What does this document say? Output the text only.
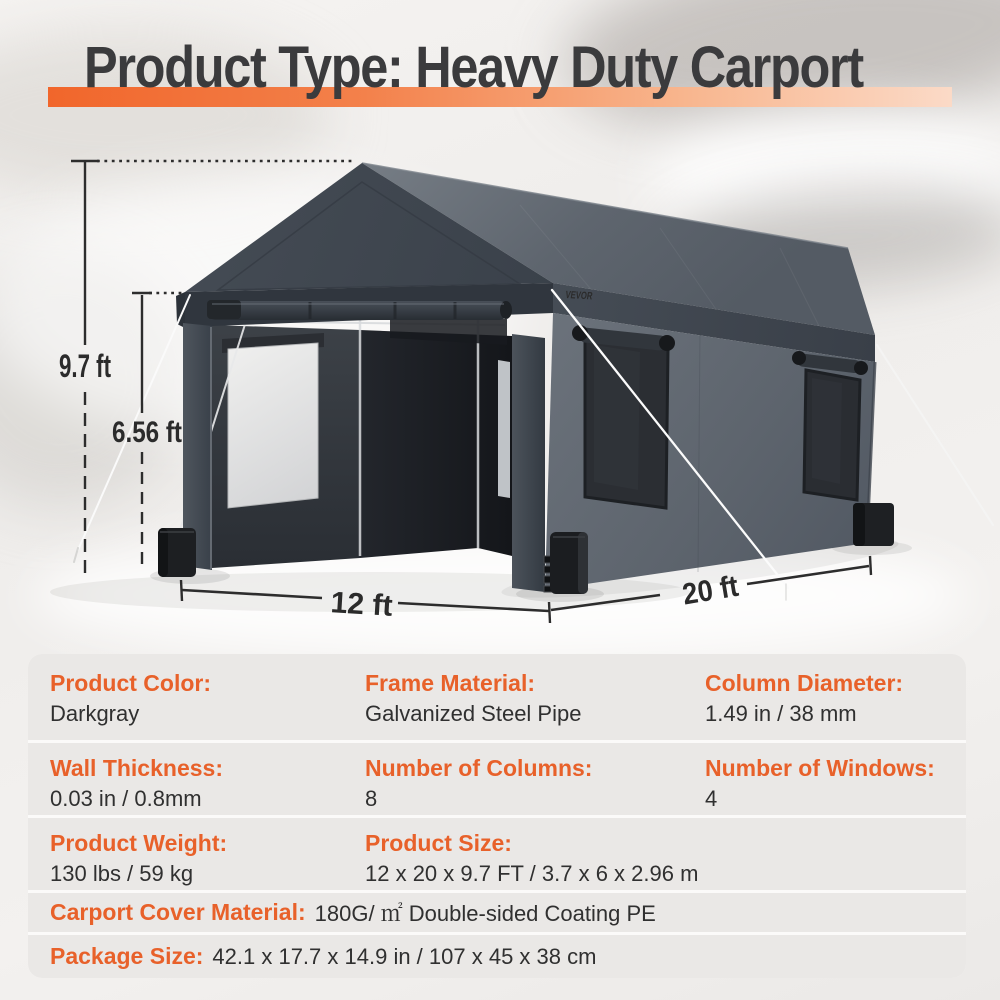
Product Type: Heavy Duty Carport
VEVOR
9.7 ft
6.56 ft
12 ft	20 ft
Product Color:
Darkgray
Frame Material:
Galvanized Steel Pipe
Column Diameter:
1.49 in / 38 mm
Wall Thickness:
0.03 in / 0.8mm
Number of Columns:
8
Number of Windows:
4
Product Weight:
130 lbs / 59 kg
Product Size:
12 x 20 x 9.7 FT / 3.7 x 6 x 2.96 m
Carport Cover Material: 180G/ ㎡ Double-sided Coating PE
Package Size: 42.1 x 17.7 x 14.9 in / 107 x 45 x 38 cm
